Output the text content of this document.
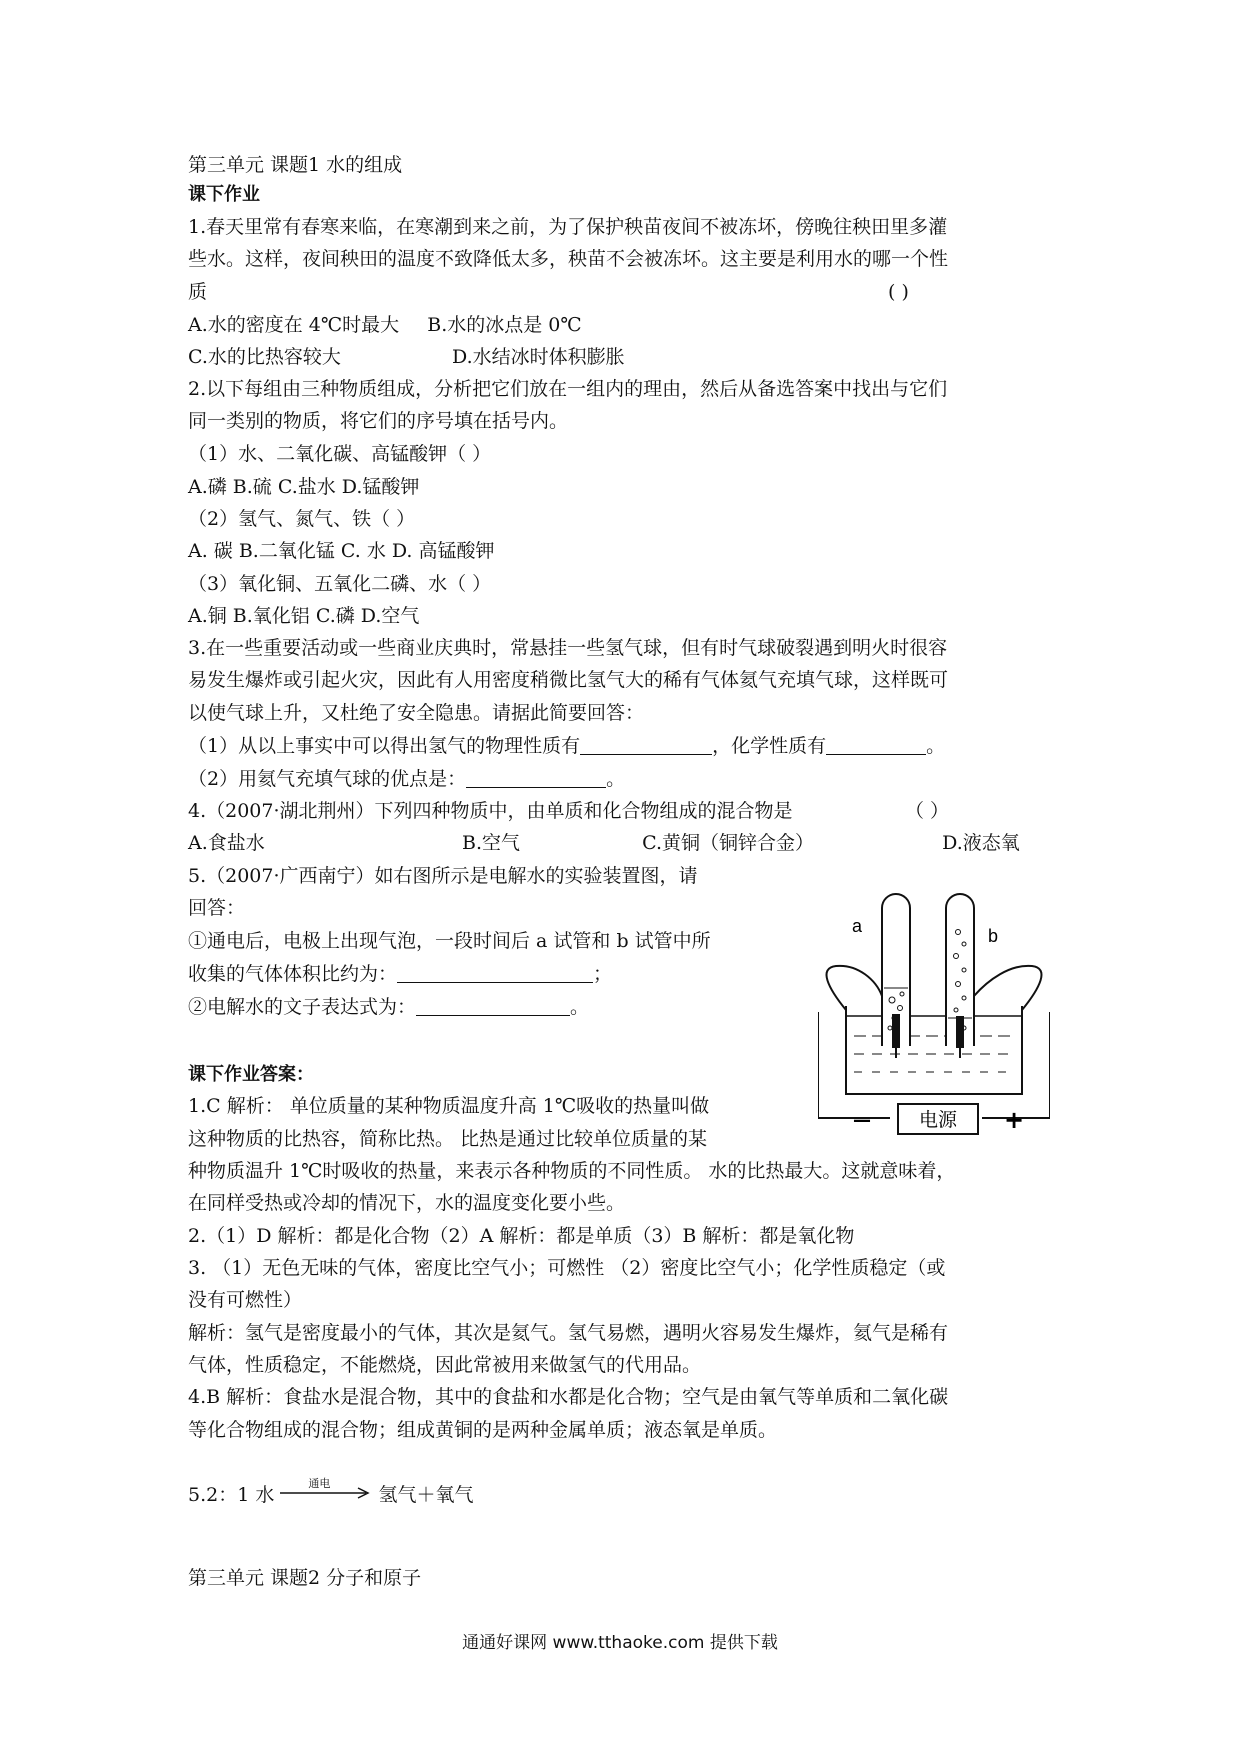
第三单元 课题1 水的组成

课下作业

1.春天里常有春寒来临，在寒潮到来之前，为了保护秧苗夜间不被冻坏，傍晚往秧田里多灌

些水。这样，夜间秧田的温度不致降低太多，秧苗不会被冻坏。这主要是利用水的哪一个性

质	( )

A.水的密度在 4℃时最大 B.水的冰点是 0℃

C.水的比热容较大	D.水结冰时体积膨胀

2.以下每组由三种物质组成，分析把它们放在一组内的理由，然后从备选答案中找出与它们

同一类别的物质，将它们的序号填在括号内。

（1）水、二氧化碳、高锰酸钾（ ）

A.磷 B.硫 C.盐水 D.锰酸钾

（2）氢气、氮气、铁（ ）

A. 碳 B.二氧化锰 C. 水 D. 高锰酸钾

（3）氧化铜、五氧化二磷、水（ ）

A.铜 B.氧化铝 C.磷 D.空气

3.在一些重要活动或一些商业庆典时，常悬挂一些氢气球，但有时气球破裂遇到明火时很容

易发生爆炸或引起火灾，因此有人用密度稍微比氢气大的稀有气体氦气充填气球，这样既可

以使气球上升，又杜绝了安全隐患。请据此简要回答：

（1）从以上事实中可以得出氢气的物理性质有	，化学性质有	。

（2）用氦气充填气球的优点是：	。

4.（2007·湖北荆州）下列四种物质中，由单质和化合物组成的混合物是	（ ）

A.食盐水	B.空气	C.黄铜（铜锌合金）	D.液态氧

5.（2007·广西南宁）如右图所示是电解水的实验装置图，请

回答：

①通电后，电极上出现气泡，一段时间后 a 试管和 b 试管中所

收集的气体体积比约为：	；

②电解水的文子表达式为：	。

a	b
电源
—	+

课下作业答案：

1.C 解析： 单位质量的某种物质温度升高 1℃吸收的热量叫做

这种物质的比热容，简称比热。 比热是通过比较单位质量的某

种物质温升 1℃时吸收的热量，来表示各种物质的不同性质。 水的比热最大。这就意味着，

在同样受热或冷却的情况下，水的温度变化要小些。

2.（1）D 解析：都是化合物（2）A 解析：都是单质（3）B 解析：都是氧化物

3. （1）无色无味的气体，密度比空气小；可燃性 （2）密度比空气小；化学性质稳定（或

没有可燃性）

解析：氢气是密度最小的气体，其次是氦气。氢气易燃，遇明火容易发生爆炸，氦气是稀有

气体，性质稳定，不能燃烧，因此常被用来做氢气的代用品。

4.B 解析：食盐水是混合物，其中的食盐和水都是化合物；空气是由氧气等单质和二氧化碳

等化合物组成的混合物；组成黄铜的是两种金属单质；液态氧是单质。

5.2：1 水
通电
氢气＋氧气

第三单元 课题2 分子和原子

通通好课网 www.tthaoke.com 提供下载
